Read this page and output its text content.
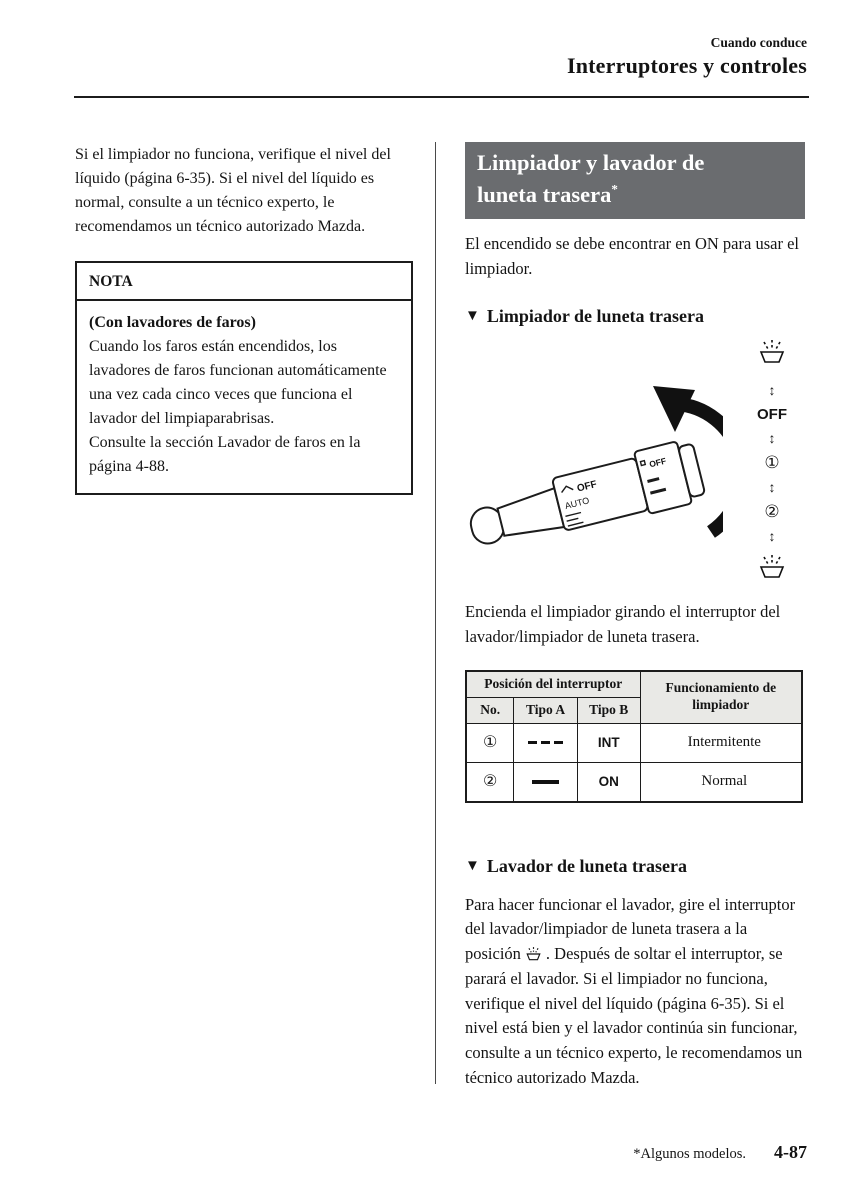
Cuando conduce
Interruptores y controles

Si el limpiador no funciona, verifique el nivel del líquido (página 6-35). Si el nivel del líquido es normal, consulte a un técnico experto, le recomendamos un técnico autorizado Mazda.

NOTA
(Con lavadores de faros)
Cuando los faros están encendidos, los lavadores de faros funcionan automáticamente una vez cada cinco veces que funciona el lavador del limpiaparabrisas.
Consulte la sección Lavador de faros en la página 4-88.
Limpiador y lavador de
luneta trasera*

El encendido se debe encontrar en ON para usar el limpiador.

▼ Limpiador de luneta trasera
OFF
AUTO
OFF
↕
OFF
↕
①
↕
②
↕

Encienda el limpiador girando el interruptor del lavador/limpiador de luneta trasera.

Posición del interruptor			Funcionamiento de limpiador
No.	Tipo A	Tipo B	
①		INT	Intermitente
②		ON	Normal
▼ Lavador de luneta trasera

Para hacer funcionar el lavador, gire el interruptor del lavador/limpiador de luneta trasera a la posición . Después de soltar el interruptor, se parará el lavador. Si el limpiador no funciona, verifique el nivel del líquido (página 6-35). Si el nivel está bien y el lavador continúa sin funcionar, consulte a un técnico experto, le recomendamos un técnico autorizado Mazda.

*Algunos modelos. 4-87
